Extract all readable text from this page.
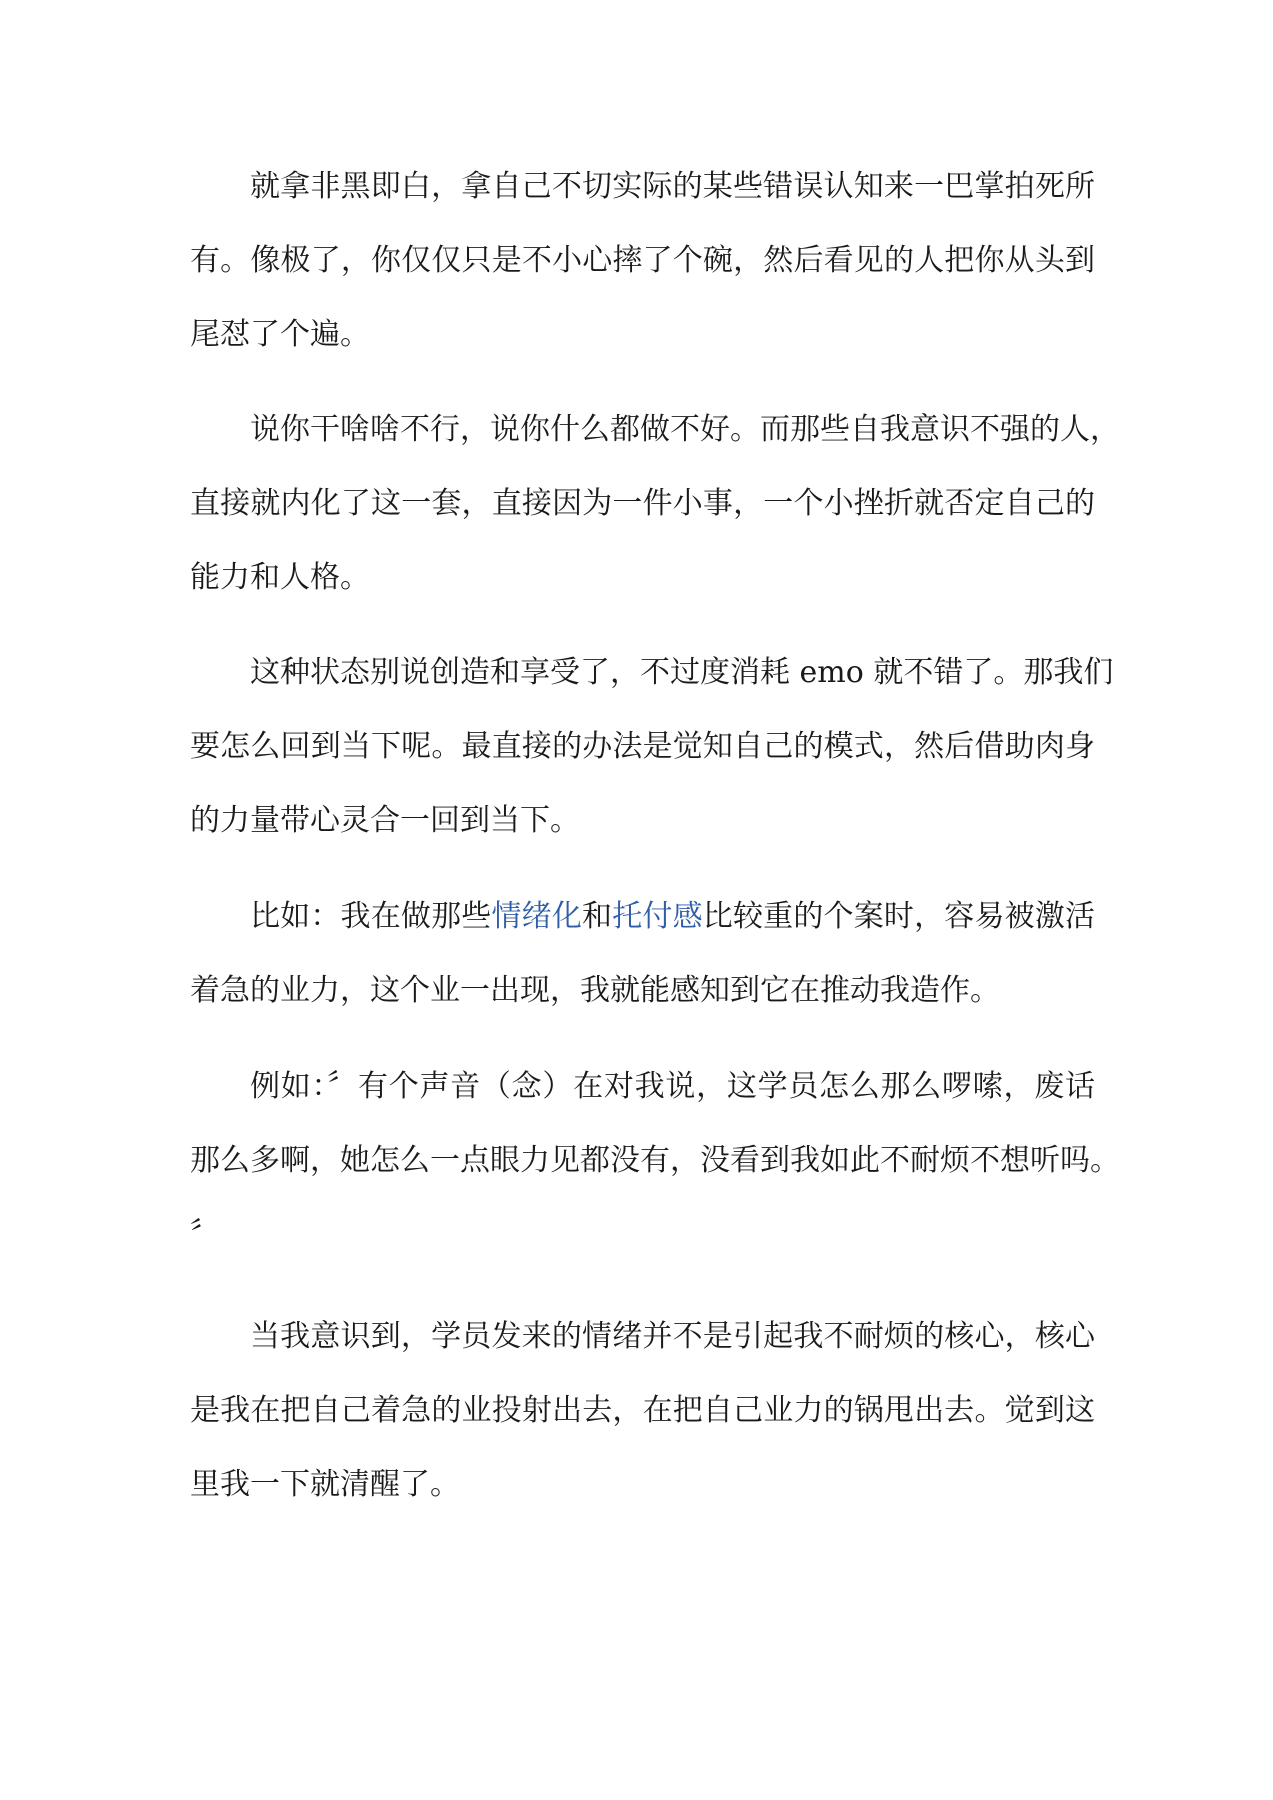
就拿非黑即白，拿自己不切实际的某些错误认知来一巴掌拍死所
有。像极了，你仅仅只是不小心摔了个碗，然后看见的人把你从头到
尾怼了个遍。

说你干啥啥不行，说你什么都做不好。而那些自我意识不强的人，
直接就内化了这一套，直接因为一件小事，一个小挫折就否定自己的
能力和人格。

这种状态别说创造和享受了，不过度消耗 emo 就不错了。那我们
要怎么回到当下呢。最直接的办法是觉知自己的模式，然后借助肉身
的力量带心灵合一回到当下。

比如：我在做那些情绪化和托付感比较重的个案时，容易被激活
着急的业力，这个业一出现，我就能感知到它在推动我造作。

例如：〞有个声音（念）在对我说，这学员怎么那么啰嗦，废话
那么多啊，她怎么一点眼力见都没有，没看到我如此不耐烦不想听吗。
〞

当我意识到，学员发来的情绪并不是引起我不耐烦的核心，核心
是我在把自己着急的业投射出去，在把自己业力的锅甩出去。觉到这
里我一下就清醒了。
